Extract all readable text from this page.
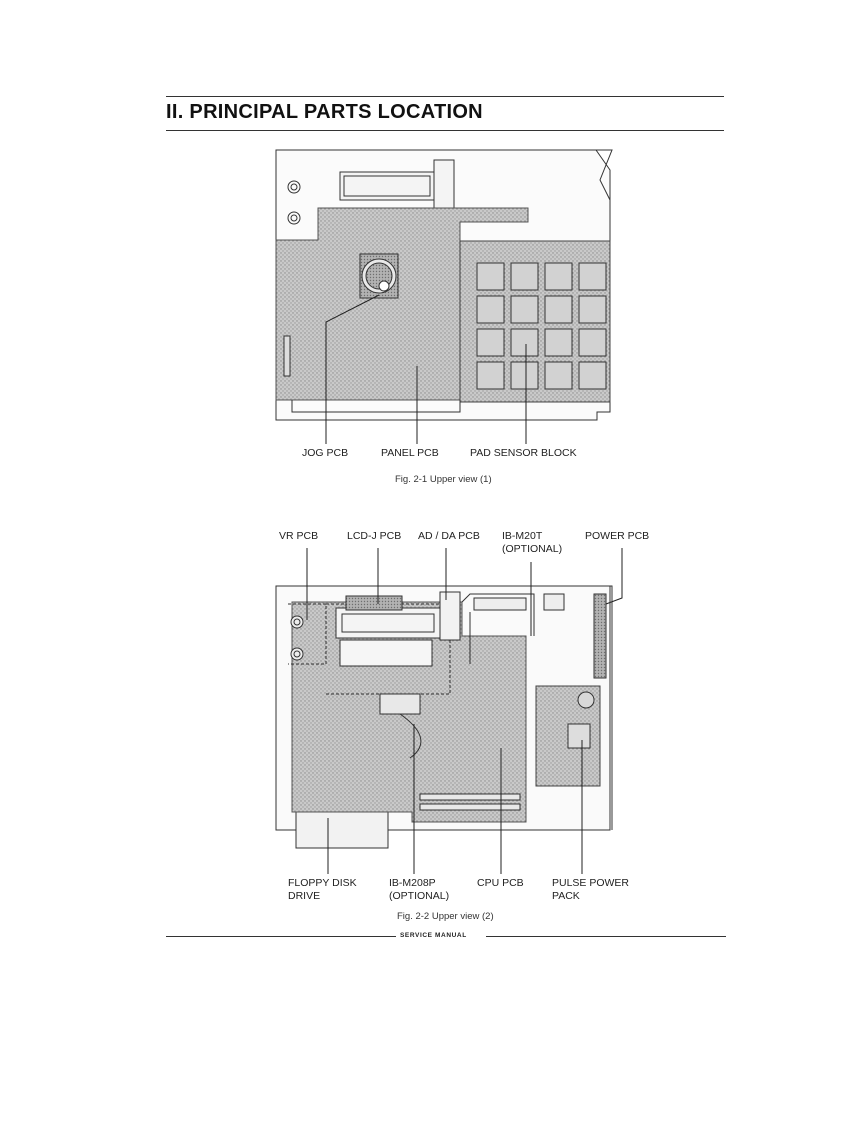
II. PRINCIPAL PARTS LOCATION
JOG PCB	PANEL PCB	PAD SENSOR BLOCK
Fig. 2-1 Upper view (1)
VR PCB	LCD-J PCB AD / DA PCB IB-M20T
(OPTIONAL)
POWER PCB
FLOPPY DISK
DRIVE
IB-M208P
(OPTIONAL)
CPU PCB	PULSE POWER
PACK
Fig. 2-2 Upper view (2)
SERVICE MANUAL
